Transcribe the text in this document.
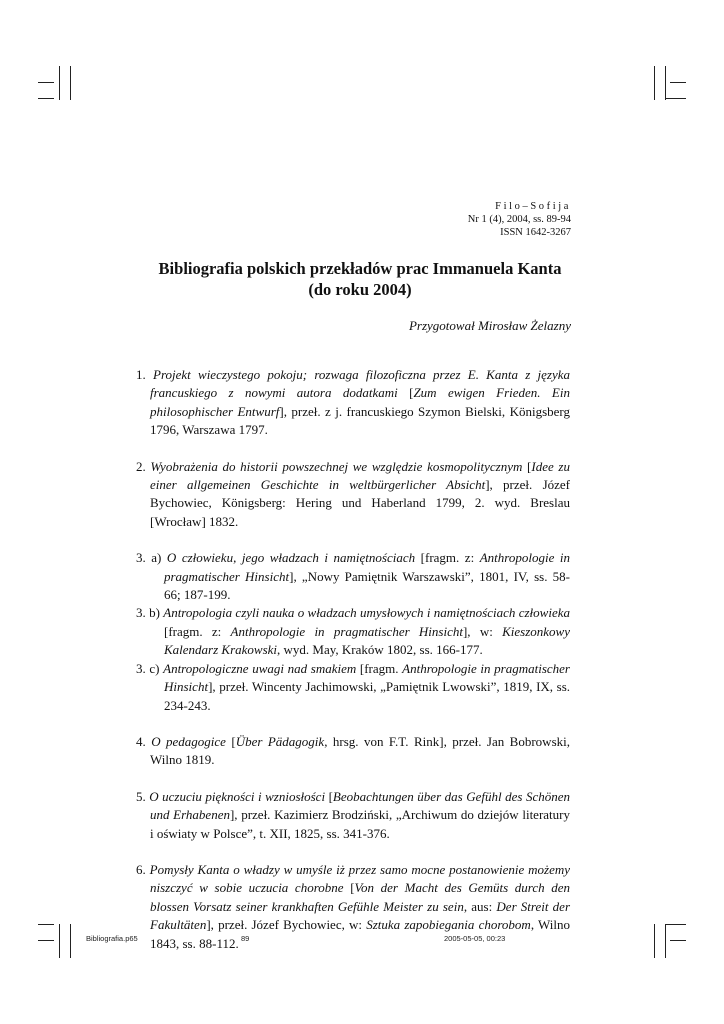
Filo–Sofija
Nr 1 (4), 2004, ss. 89-94
ISSN 1642-3267
Bibliografia polskich przekładów prac Immanuela Kanta
(do roku 2004)
Przygotował Mirosław Żelazny
1. Projekt wieczystego pokoju; rozwaga filozoficzna przez E. Kanta z języka francuskiego z nowymi autora dodatkami [Zum ewigen Frieden. Ein philosophischer Entwurf], przeł. z j. francuskiego Szymon Bielski, Königsberg 1796, Warszawa 1797.
2. Wyobrażenia do historii powszechnej we względzie kosmopolitycznym [Idee zu einer allgemeinen Geschichte in weltbürgerlicher Absicht], przeł. Józef Bychowiec, Königsberg: Hering und Haberland 1799, 2. wyd. Breslau [Wrocław] 1832.
3. a) O człowieku, jego władzach i namiętnościach [fragm. z: Anthropologie in pragmatischer Hinsicht], „Nowy Pamiętnik Warszawski”, 1801, IV, ss. 58-66; 187-199.
3. b) Antropologia czyli nauka o władzach umysłowych i namiętnościach człowieka [fragm. z: Anthropologie in pragmatischer Hinsicht], w: Kieszonkowy Kalendarz Krakowski, wyd. May, Kraków 1802, ss. 166-177.
3. c) Antropologiczne uwagi nad smakiem [fragm. Anthropologie in pragmatischer Hinsicht], przeł. Wincenty Jachimowski, „Pamiętnik Lwowski”, 1819, IX, ss. 234-243.
4. O pedagogice [Über Pädagogik, hrsg. von F.T. Rink], przeł. Jan Bobrowski, Wilno 1819.
5. O uczuciu piękności i wzniosłości [Beobachtungen über das Gefühl des Schönen und Erhabenen], przeł. Kazimierz Brodziński, „Archiwum do dziejów literatury i oświaty w Polsce”, t. XII, 1825, ss. 341-376.
6. Pomysły Kanta o władzy w umyśle iż przez samo mocne postanowienie możemy niszczyć w sobie uczucia chorobne [Von der Macht des Gemüts durch den blossen Vorsatz seiner krankhaften Gefühle Meister zu sein, aus: Der Streit der Fakultäten], przeł. Józef Bychowiec, w: Sztuka zapobiegania chorobom, Wilno 1843, ss. 88-112.
Bibliografia.p65	89	2005-05-05, 00:23
